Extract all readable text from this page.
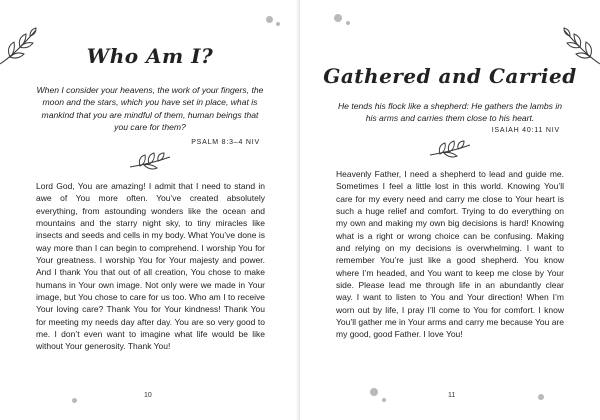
Who Am I?
When I consider your heavens, the work of your fingers, the moon and the stars, which you have set in place, what is mankind that you are mindful of them, human beings that you care for them?
PSALM 8:3–4 NIV
Lord God, You are amazing! I admit that I need to stand in awe of You more often. You’ve created absolutely everything, from astounding wonders like the ocean and mountains and the starry night sky, to tiny miracles like insects and seeds and cells in my body. What You’ve done is way more than I can begin to comprehend. I worship You for Your greatness. I worship You for Your majesty and power. And I thank You that out of all creation, You chose to make humans in Your own image. Not only were we made in Your image, but You chose to care for us too. Who am I to receive Your loving care? Thank You for Your kindness! Thank You for meeting my needs day after day. You are so very good to me. I don’t even want to imagine what life would be like without Your generosity. Thank You!
10
Gathered and Carried
He tends his flock like a shepherd: He gathers the lambs in his arms and carries them close to his heart.
ISAIAH 40:11 NIV
Heavenly Father, I need a shepherd to lead and guide me. Sometimes I feel a little lost in this world. Knowing You’ll care for my every need and carry me close to Your heart is such a huge relief and comfort. Trying to do everything on my own and making my own big decisions is hard! Knowing what is a right or wrong choice can be confusing. Making and relying on my decisions is overwhelming. I want to remember You’re just like a good shepherd. You know where I’m headed, and You want to keep me close by Your side. Please lead me through life in an abundantly clear way. I want to listen to You and Your direction! When I’m worn out by life, I pray I’ll come to You for comfort. I know You’ll gather me in Your arms and carry me because You are my good, good Father. I love You!
11
